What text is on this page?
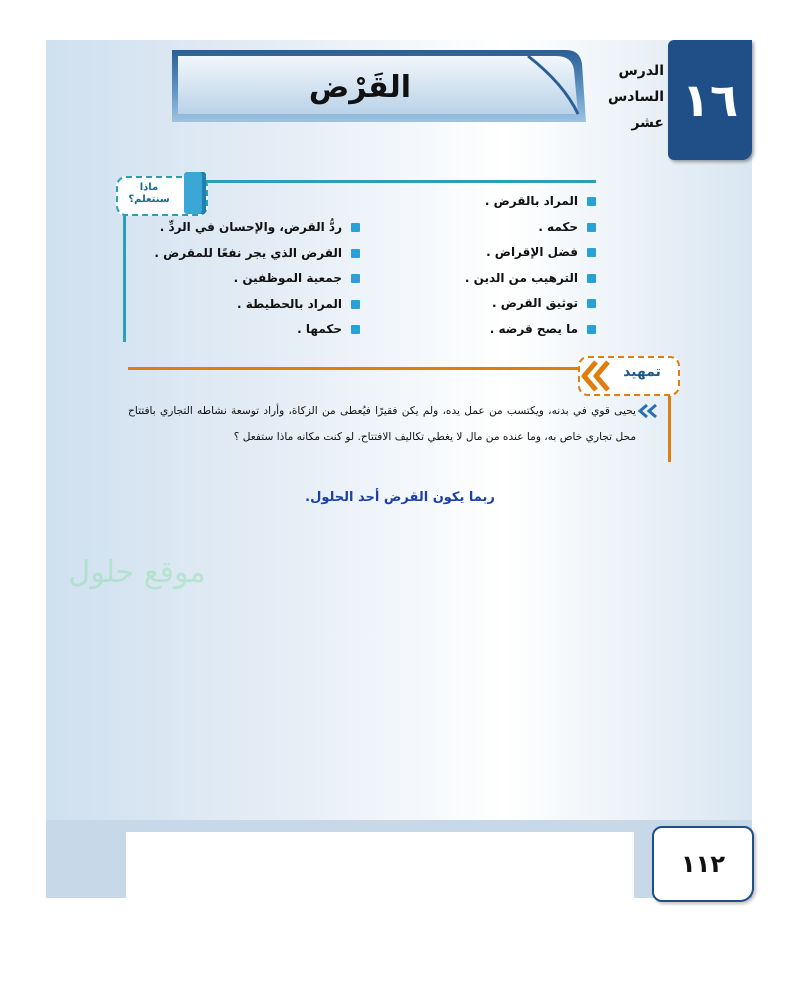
١٦
الدرس
السادس
عشر
القَرْض
ماذا
سنتعلم؟	المراد بالقرض .
حكمه .
فضل الإقراض .
الترهيب من الدين .
توثيق القرض .
ما يصح قرضه .
ردُّ القرض، والإحسان في الردِّ .
القرض الذي يجر نفعًا للمقرض .
جمعية الموظفين .
المراد بالحطيطة .
حكمها .
تمهيد
يحيى قوي في بدنه، ويكتسب من عمل يده، ولم يكن فقيرًا فيُعطى من الزكاة، وأراد توسعة نشاطه التجاري بافتتاح محل تجاري خاص به، وما عنده من مال لا يغطي تكاليف الافتتاح. لو كنت مكانه ماذا ستفعل ؟
ربما يكون القرض أحد الحلول.
موقع حلول
١١٢
